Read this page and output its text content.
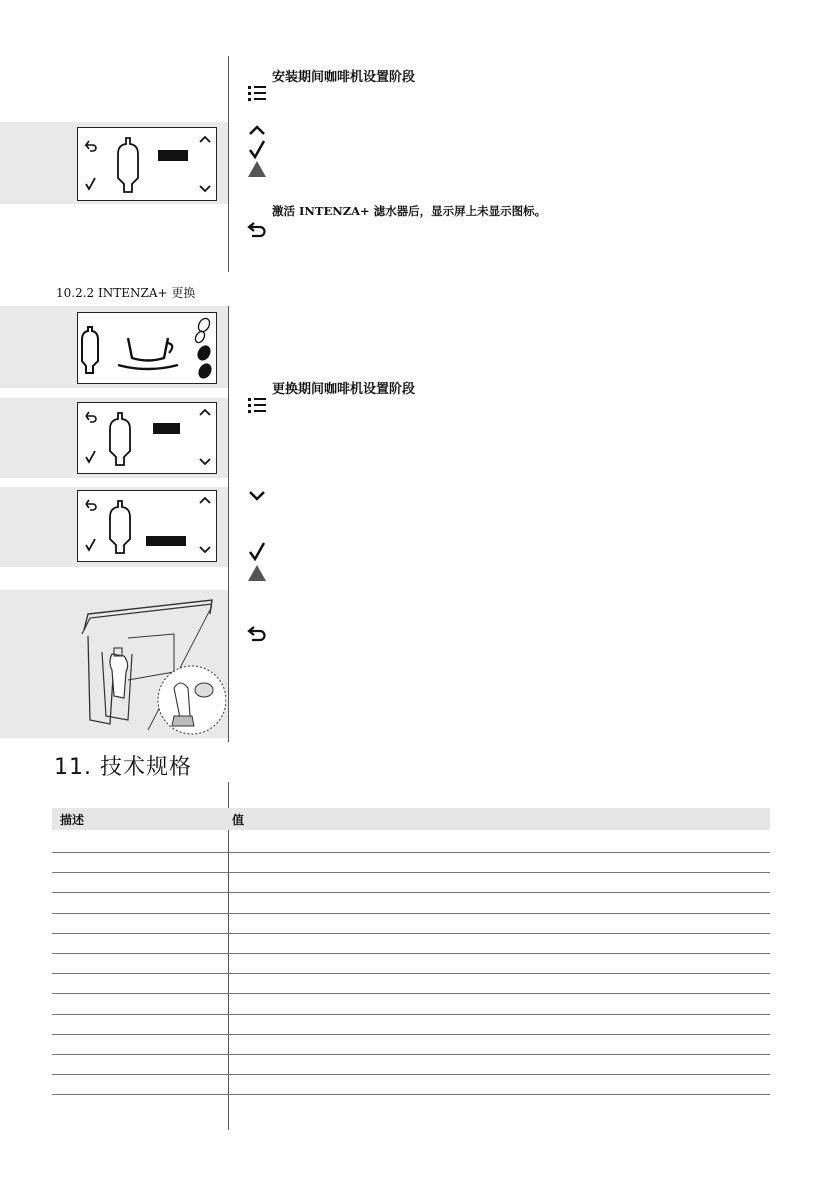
安装期间咖啡机设置阶段
激活 INTENZA+ 滤水器后，显示屏上未显示图标。
10.2.2 INTENZA+ 更换
更换期间咖啡机设置阶段
11. 技术规格
描述	值
